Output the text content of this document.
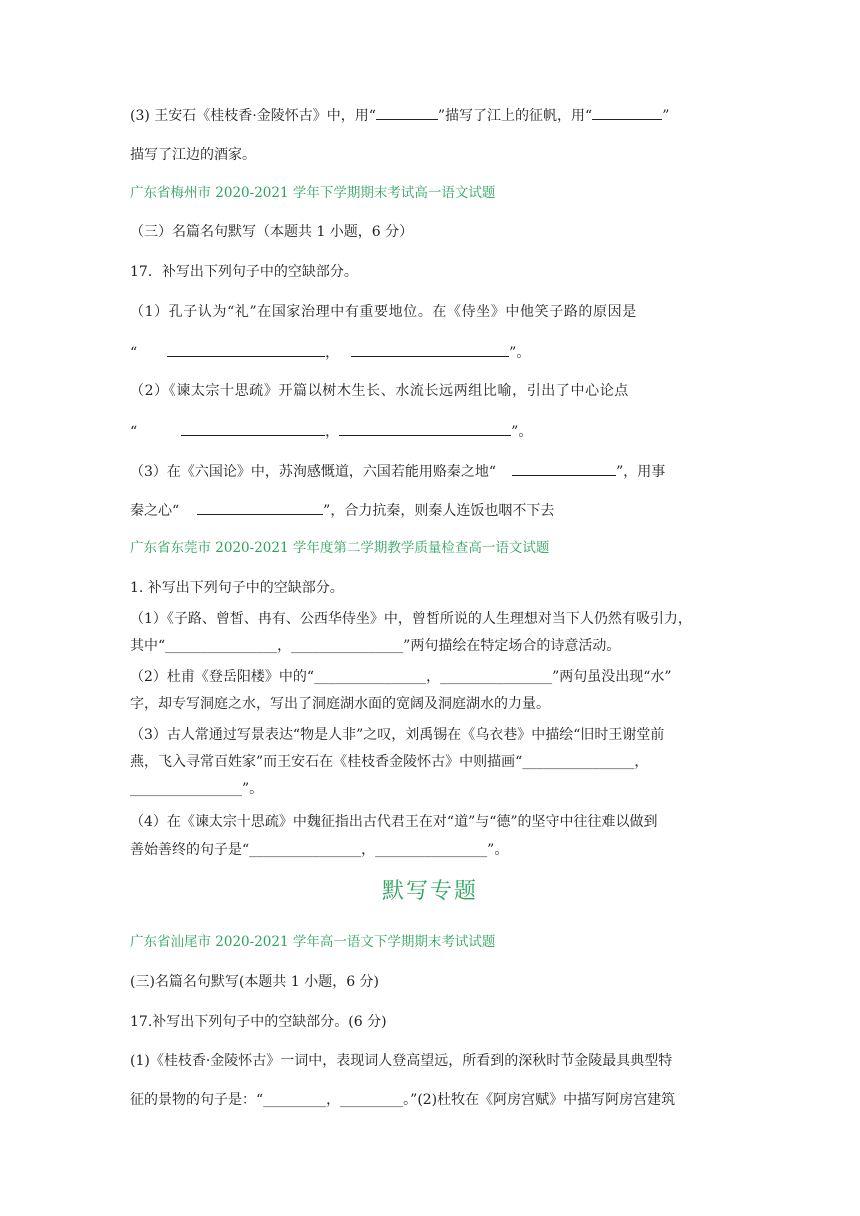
(3) 王安石《桂枝香·金陵怀古》中，用“	”描写了江上的征帆，用“	”
描写了江边的酒家。
广东省梅州市 2020-2021 学年下学期期末考试高一语文试题
（三）名篇名句默写（本题共 1 小题，6 分）
17．补写出下列句子中的空缺部分。
（1）孔子认为“礼”在国家治理中有重要地位。在《侍坐》中他笑子路的原因是
“	，	”。
（2）《谏太宗十思疏》开篇以树木生长、水流长远两组比喻，引出了中心论点
“	，	”。
（3）在《六国论》中，苏洵感慨道，六国若能用赂秦之地“	”，用事
秦之心“	”，合力抗秦，则秦人连饭也咽不下去
广东省东莞市 2020-2021 学年度第二学期教学质量检查高一语文试题
1. 补写出下列句子中的空缺部分。
（1）《子路、曾皙、冉有、公西华侍坐》中，曾皙所说的人生理想对当下人仍然有吸引力，
其中“________________，________________”两句描绘在特定场合的诗意活动。
（2）杜甫《登岳阳楼》中的“________________，________________”两句虽没出现“水”
字，却专写洞庭之水，写出了洞庭湖水面的宽阔及洞庭湖水的力量。
（3）古人常通过写景表达“物是人非”之叹，刘禹锡在《乌衣巷》中描绘“旧时王谢堂前
燕，飞入寻常百姓家”而王安石在《桂枝香金陵怀古》中则描画“________________，
________________”。
（4）在《谏太宗十思疏》中魏征指出古代君王在对“道”与“德”的坚守中往往难以做到
善始善终的句子是“________________，________________”。
默写专题
广东省汕尾市 2020-2021 学年高一语文下学期期末考试试题
(三)名篇名句默写(本题共 1 小题，6 分)
17.补写出下列句子中的空缺部分。(6 分)
(1)《桂枝香·金陵怀古》一词中，表现词人登高望远，所看到的深秋时节金陵最具典型特
征的景物的句子是：“_________，_________。”(2)杜牧在《阿房宫赋》中描写阿房宫建筑
